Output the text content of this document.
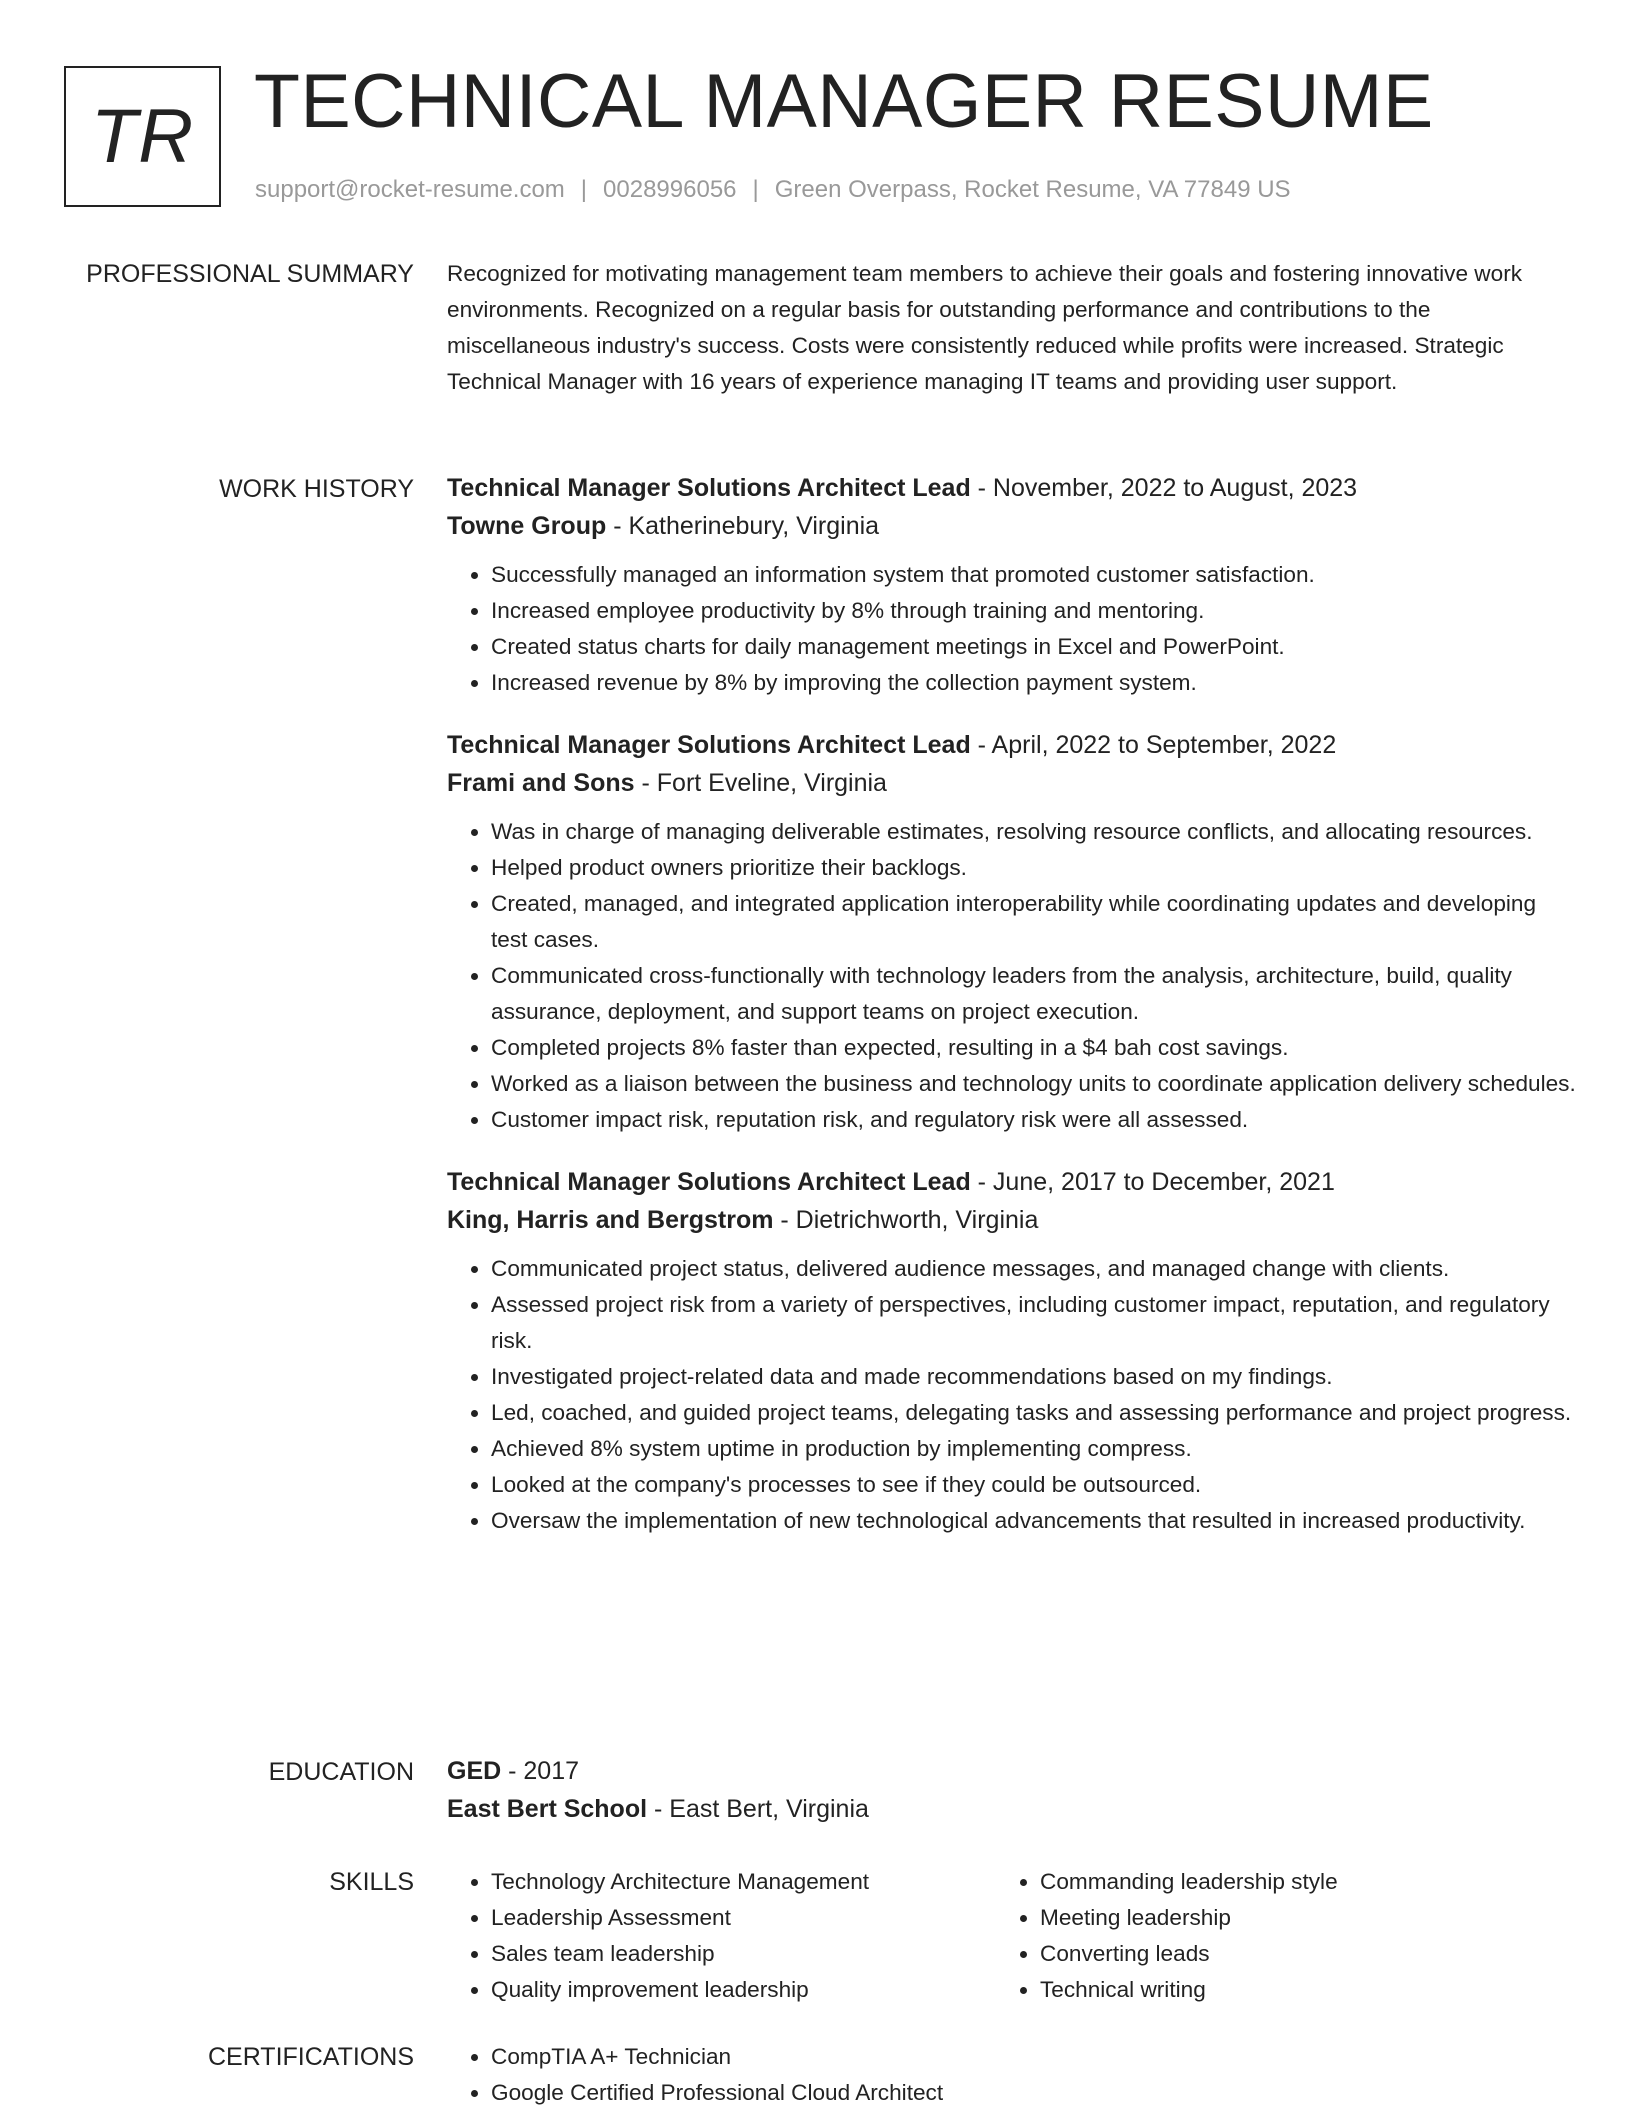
TR TECHNICAL MANAGER RESUME
support@rocket-resume.com | 0028996056 | Green Overpass, Rocket Resume, VA 77849 US
PROFESSIONAL SUMMARY Recognized for motivating management team members to achieve their goals and fostering innovative work environments. Recognized on a regular basis for outstanding performance and contributions to the miscellaneous industry's success. Costs were consistently reduced while profits were increased. Strategic Technical Manager with 16 years of experience managing IT teams and providing user support.

WORK HISTORY Technical Manager Solutions Architect Lead - November, 2022 to August, 2023
Towne Group - Katherinebury, Virginia
• Successfully managed an information system that promoted customer satisfaction.
• Increased employee productivity by 8% through training and mentoring.
• Created status charts for daily management meetings in Excel and PowerPoint.
• Increased revenue by 8% by improving the collection payment system.
Technical Manager Solutions Architect Lead - April, 2022 to September, 2022
Frami and Sons - Fort Eveline, Virginia
• Was in charge of managing deliverable estimates, resolving resource conflicts, and allocating resources.
• Helped product owners prioritize their backlogs.
• Created, managed, and integrated application interoperability while coordinating updates and developing test cases.
• Communicated cross-functionally with technology leaders from the analysis, architecture, build, quality assurance, deployment, and support teams on project execution.
• Completed projects 8% faster than expected, resulting in a $4 bah cost savings.
• Worked as a liaison between the business and technology units to coordinate application delivery schedules.
• Customer impact risk, reputation risk, and regulatory risk were all assessed.
Technical Manager Solutions Architect Lead - June, 2017 to December, 2021
King, Harris and Bergstrom - Dietrichworth, Virginia
• Communicated project status, delivered audience messages, and managed change with clients.
• Assessed project risk from a variety of perspectives, including customer impact, reputation, and regulatory risk.
• Investigated project-related data and made recommendations based on my findings.
• Led, coached, and guided project teams, delegating tasks and assessing performance and project progress.
• Achieved 8% system uptime in production by implementing compress.
• Looked at the company's processes to see if they could be outsourced.
• Oversaw the implementation of new technological advancements that resulted in increased productivity.
EDUCATION GED - 2017
East Bert School - East Bert, Virginia
SKILLS	• Technology Architecture Management
• Leadership Assessment
• Sales team leadership
• Quality improvement leadership
• Commanding leadership style
• Meeting leadership
• Converting leads
• Technical writing
CERTIFICATIONS	• CompTIA A+ Technician
• Google Certified Professional Cloud Architect
